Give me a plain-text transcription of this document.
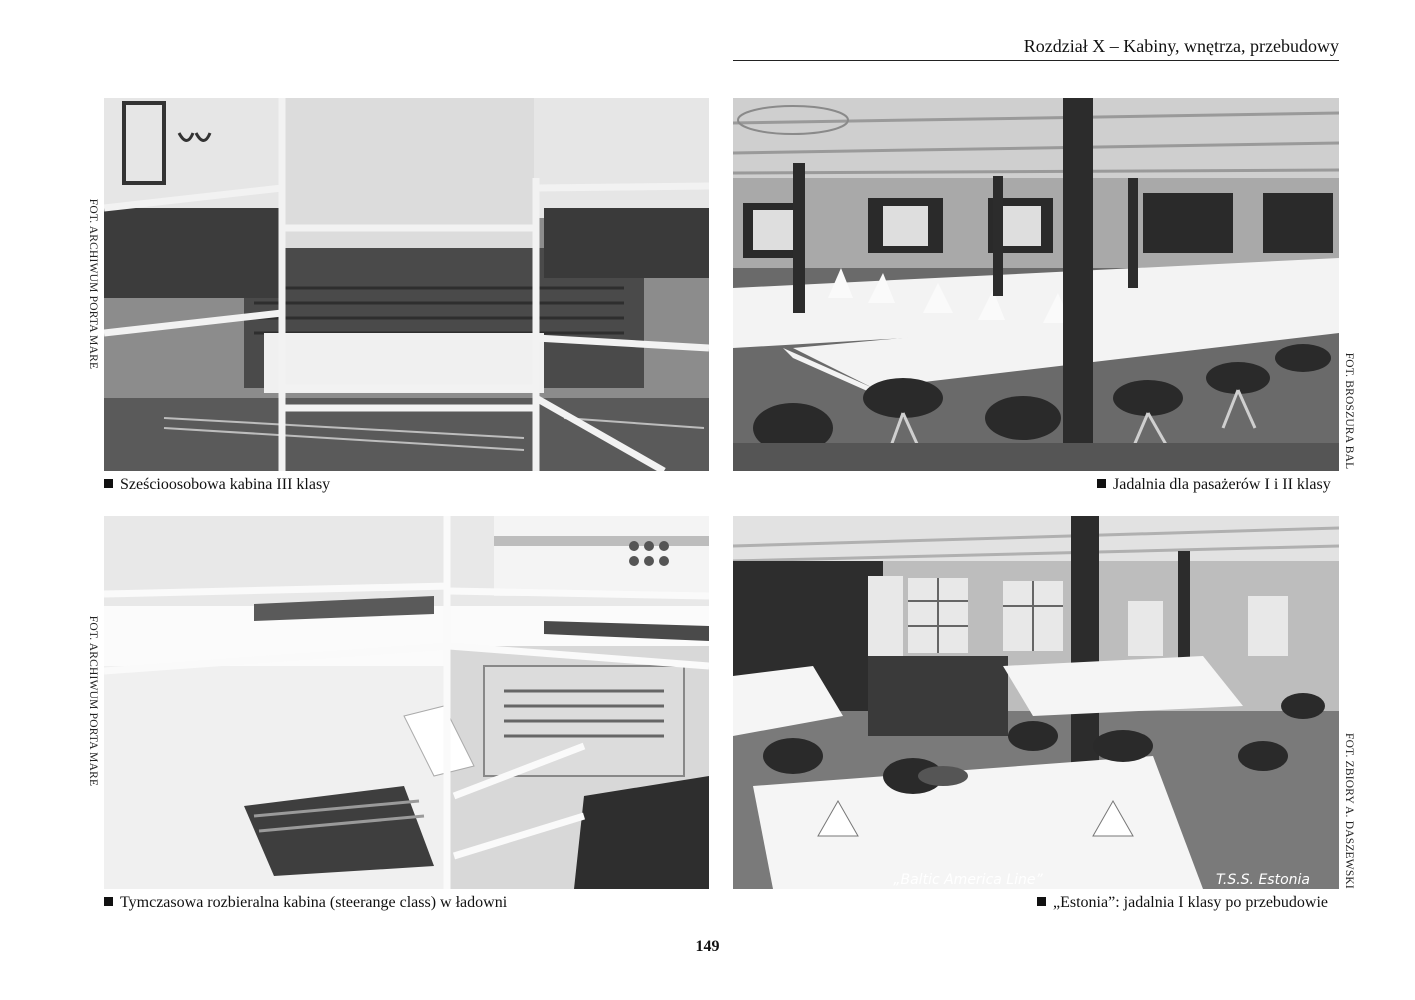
Rozdział X – Kabiny, wnętrza, przebudowy
Sześcioosobowa kabina III klasy
FOT. ARCHIWUM PORTA MARE
Jadalnia dla pasażerów I i II klasy
FOT. BROSZURA BAL
Tymczasowa rozbieralna kabina (steerange class) w ładowni
FOT. ARCHIWUM PORTA MARE
„Baltic America Line”	T.S.S. Estonia
„Estonia”: jadalnia I klasy po przebudowie
FOT. ZBIORY A. DASZEWSKI
149
